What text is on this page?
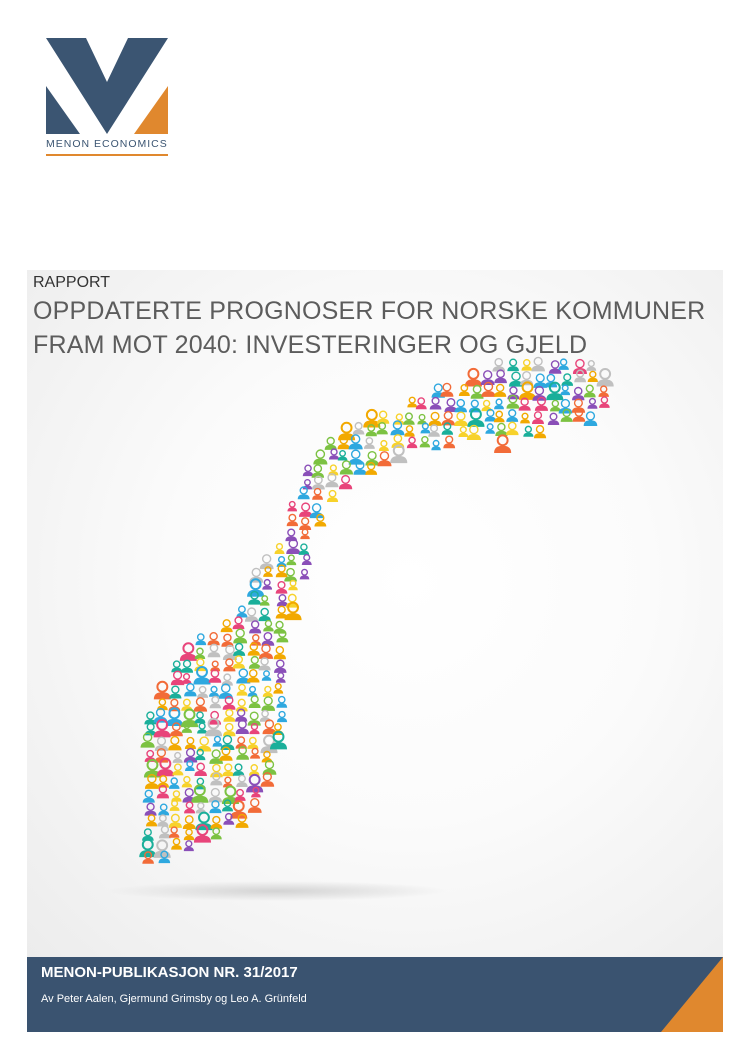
MENON ECONOMICS
RAPPORT
OPPDATERTE PROGNOSER FOR NORSKE KOMMUNER FRAM MOT 2040: INVESTERINGER OG GJELD
MENON-PUBLIKASJON NR. 31/2017
Av Peter Aalen, Gjermund Grimsby og Leo A. Grünfeld
